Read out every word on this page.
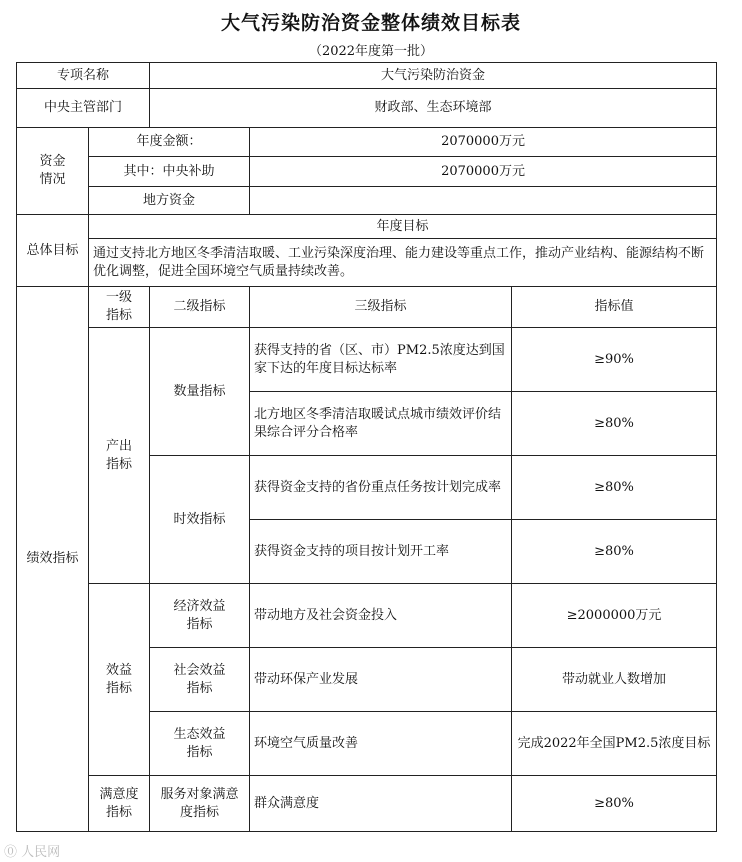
大气污染防治资金整体绩效目标表
（2022年度第一批）
专项名称		大气污染防治资金		
中央主管部门		财政部、生态环境部		

资金情况	年度金额：		2070000万元	
	其中：中央补助		2070000万元	
	地方资金			
总体目标	年度目标			
	通过支持北方地区冬季清洁取暖、工业污染深度治理、能力建设等重点工作，推动产业结构、能源结构不断优化调整，促进全国环境空气质量持续改善。			
绩效指标	一级指标	二级指标	三级指标	指标值

	产出指标	数量指标	获得支持的省（区、市）PM2.5浓度达到国家下达的年度目标达标率	≥90%
			北方地区冬季清洁取暖试点城市绩效评价结果综合评分合格率	≥80%
		时效指标	获得资金支持的省份重点任务按计划完成率	≥80%
			获得资金支持的项目按计划开工率	≥80%

	效益指标	经济效益指标	带动地方及社会资金投入	≥2000000万元

		社会效益指标	带动环保产业发展	带动就业人数增加

		生态效益指标	环境空气质量改善	完成2022年全国PM2.5浓度目标

	满意度指标	服务对象满意度指标	群众满意度	≥80%
⓪ 人民网
